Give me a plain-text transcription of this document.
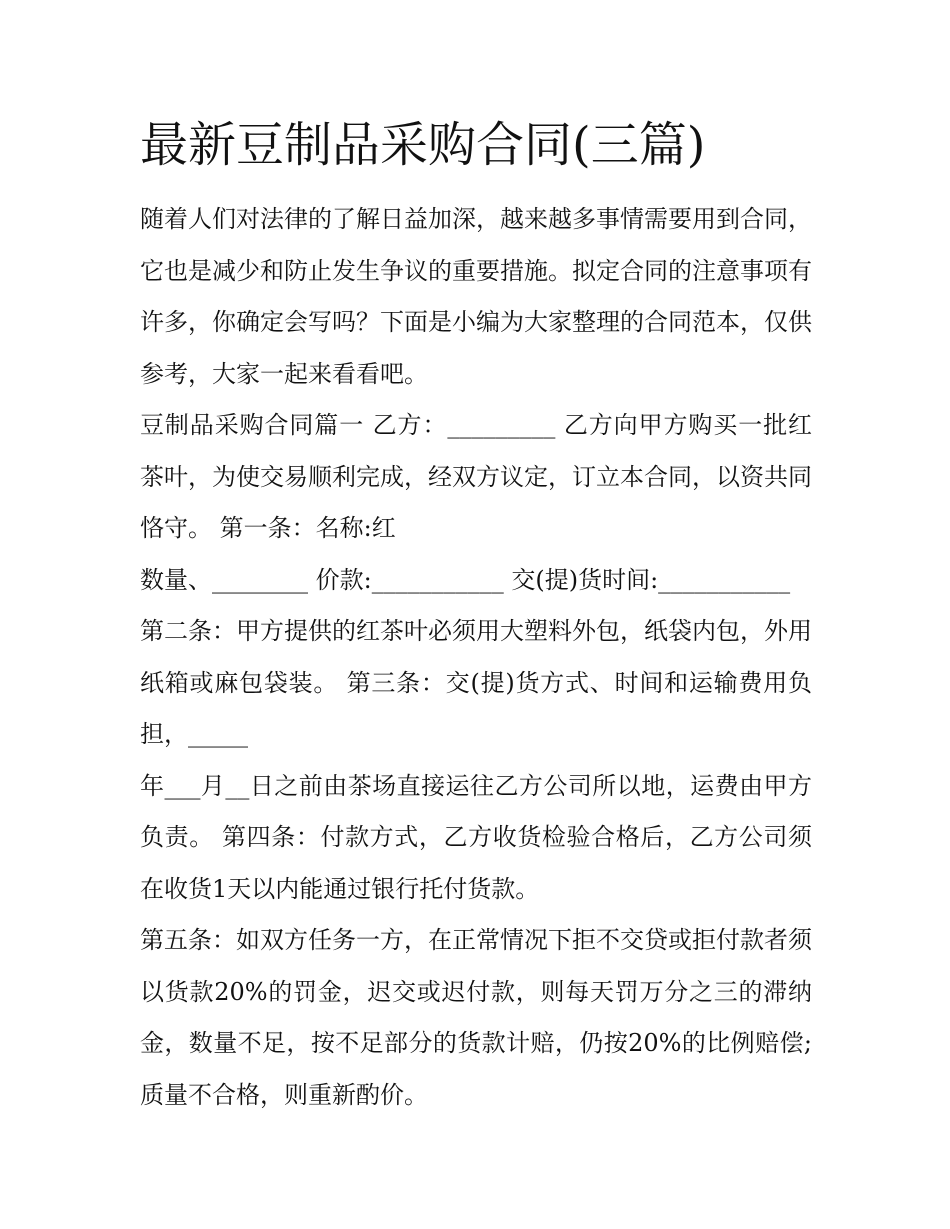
最新豆制品采购合同(三篇)

随着人们对法律的了解日益加深，越来越多事情需要用到合同，它也是减少和防止发生争议的重要措施。拟定合同的注意事项有许多，你确定会写吗？下面是小编为大家整理的合同范本，仅供参考，大家一起来看看吧。

豆制品采购合同篇一 乙方：_________ 乙方向甲方购买一批红茶叶，为使交易顺利完成，经双方议定，订立本合同，以资共同恪守。 第一条：名称:红

数量、________ 价款:___________ 交(提)货时间:___________

第二条：甲方提供的红茶叶必须用大塑料外包，纸袋内包，外用纸箱或麻包袋装。 第三条：交(提)货方式、时间和运输费用负担，_____

年___月__日之前由茶场直接运往乙方公司所以地，运费由甲方负责。 第四条：付款方式，乙方收货检验合格后，乙方公司须在收货1天以内能通过银行托付货款。

第五条：如双方任务一方，在正常情况下拒不交贷或拒付款者须以货款20%的罚金，迟交或迟付款，则每天罚万分之三的滞纳金，数量不足，按不足部分的货款计赔，仍按20%的比例赔偿;质量不合格，则重新酌价。
